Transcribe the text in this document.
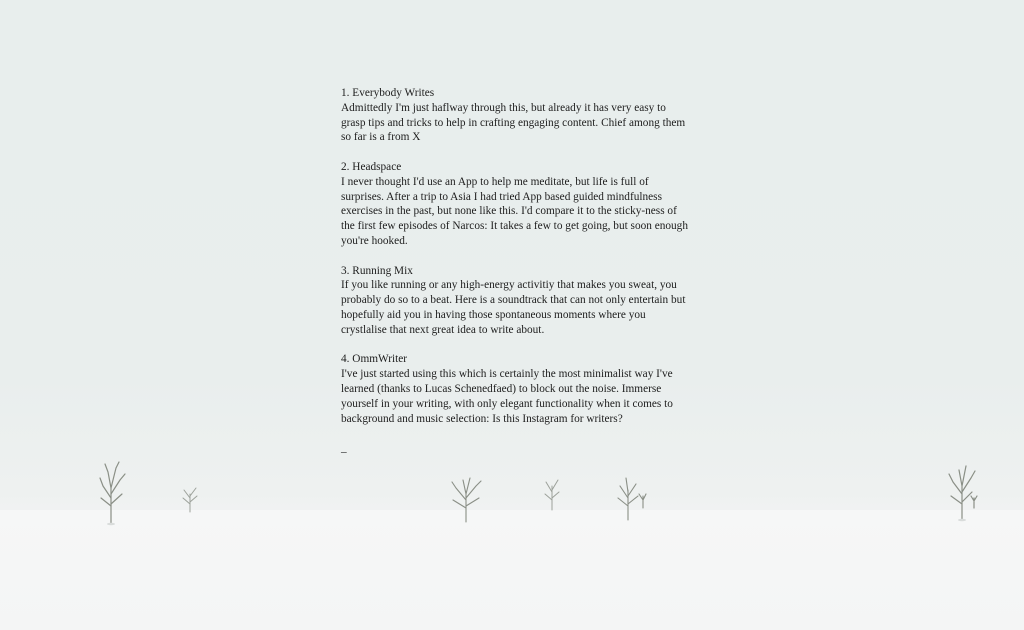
1. Everybody Writes
Admittedly I'm just haflway through this, but already it has very easy to grasp tips and tricks to help in crafting engaging content. Chief among them so far is a from X
2. Headspace
I never thought I'd use an App to help me meditate, but life is full of surprises. After a trip to Asia I had tried App based guided mindfulness exercises in the past, but none like this. I'd compare it to the sticky-ness of the first few episodes of Narcos: It takes a few to get going, but soon enough you're hooked.
3. Running Mix
If you like running or any high-energy activitiy that makes you sweat, you probably do so to a beat. Here is a soundtrack that can not only entertain but hopefully aid you in having those spontaneous moments where you crystlalise that next great idea to write about.
4. OmmWriter
I've just started using this which is certainly the most minimalist way I've learned (thanks to Lucas Schenedfaed) to block out the noise. Immerse yourself in your writing, with only elegant functionality when it comes to background and music selection: Is this Instagram for writers?
_
